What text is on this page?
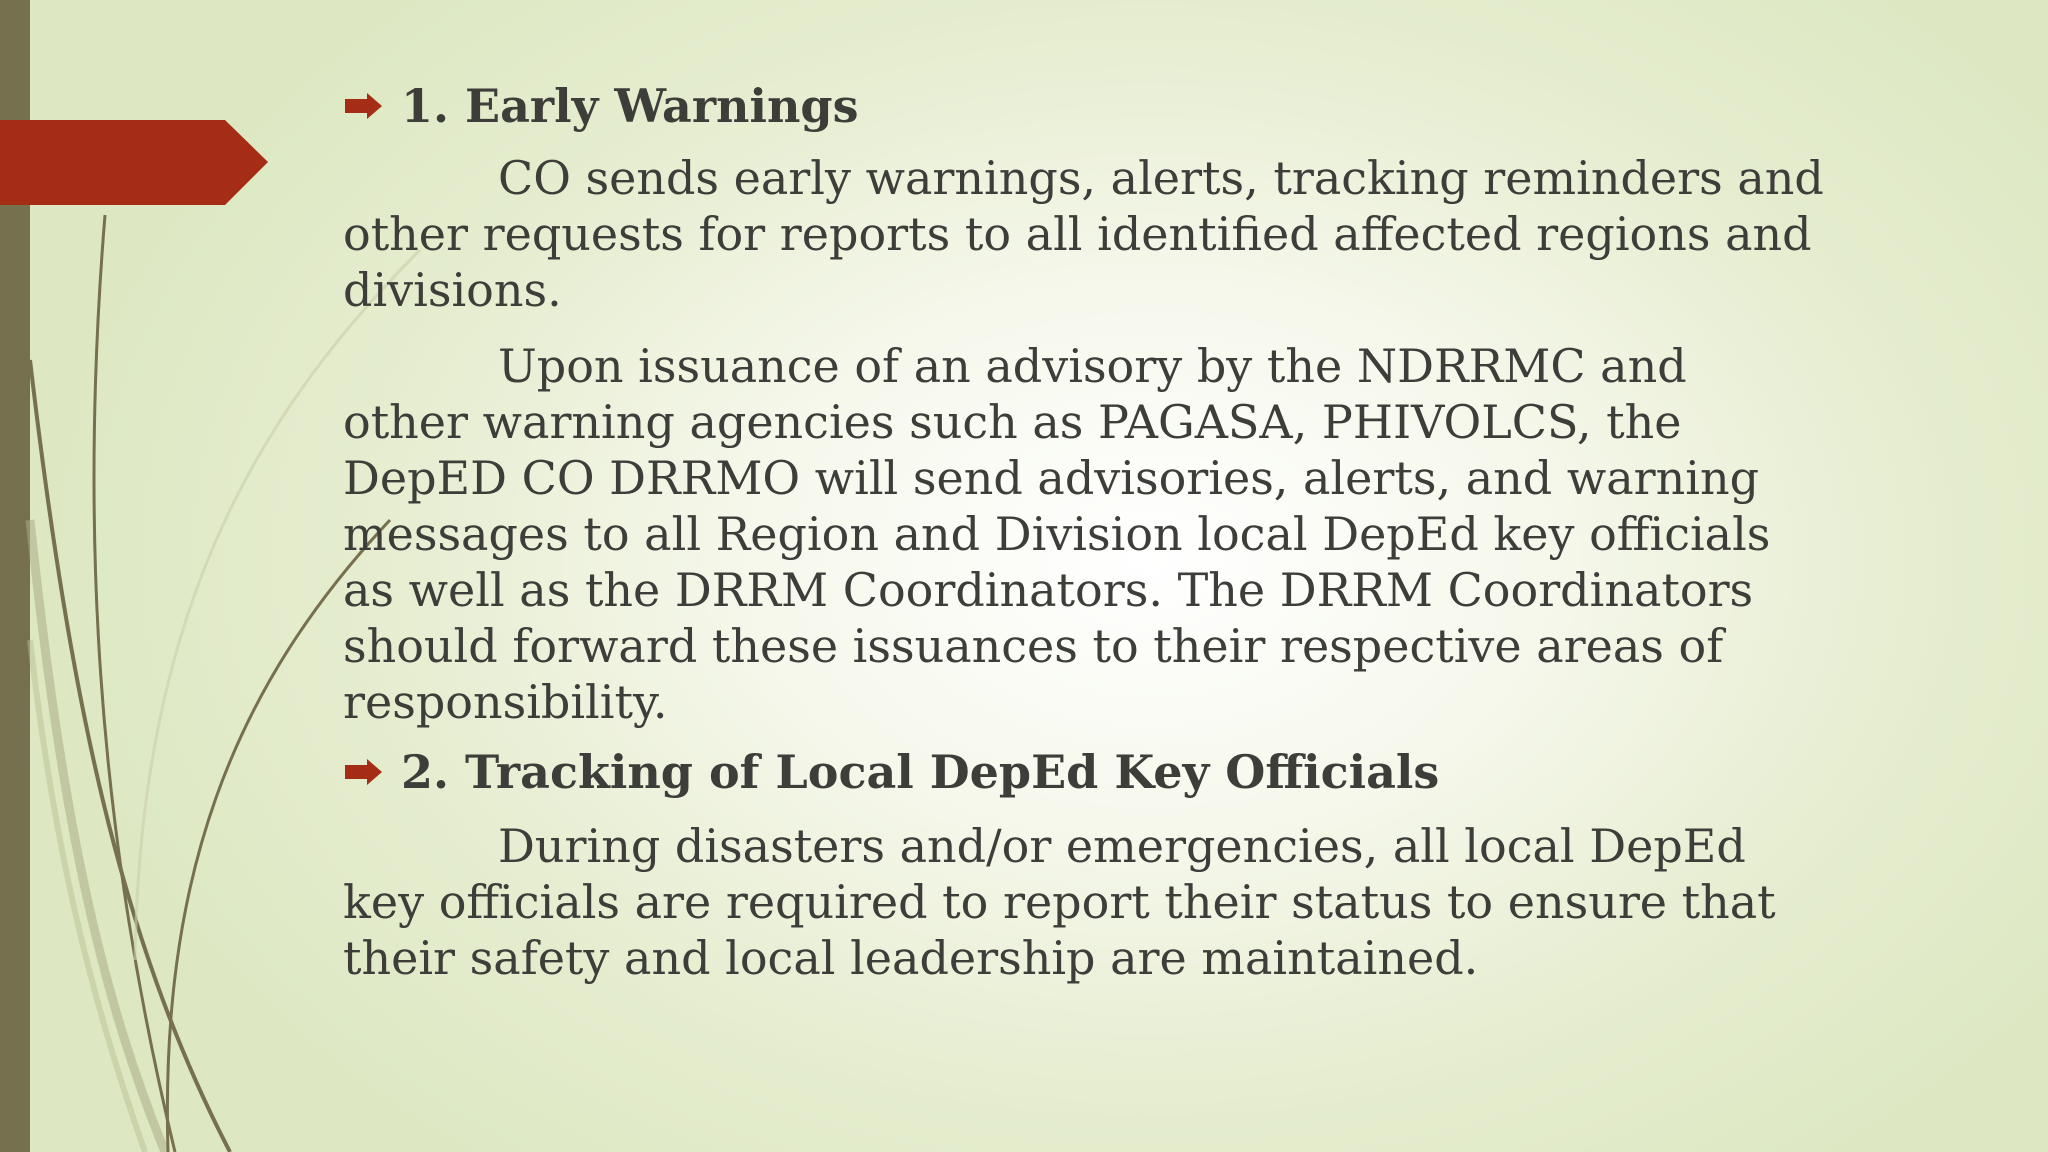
1. Early Warnings

CO sends early warnings, alerts, tracking reminders and
other requests for reports to all identified affected regions and
divisions.

Upon issuance of an advisory by the NDRRMC and
other warning agencies such as PAGASA, PHIVOLCS, the
DepED CO DRRMO will send advisories, alerts, and warning
messages to all Region and Division local DepEd key officials
as well as the DRRM Coordinators. The DRRM Coordinators
should forward these issuances to their respective areas of
responsibility.

2. Tracking of Local DepEd Key Officials

During disasters and/or emergencies, all local DepEd
key officials are required to report their status to ensure that
their safety and local leadership are maintained.
